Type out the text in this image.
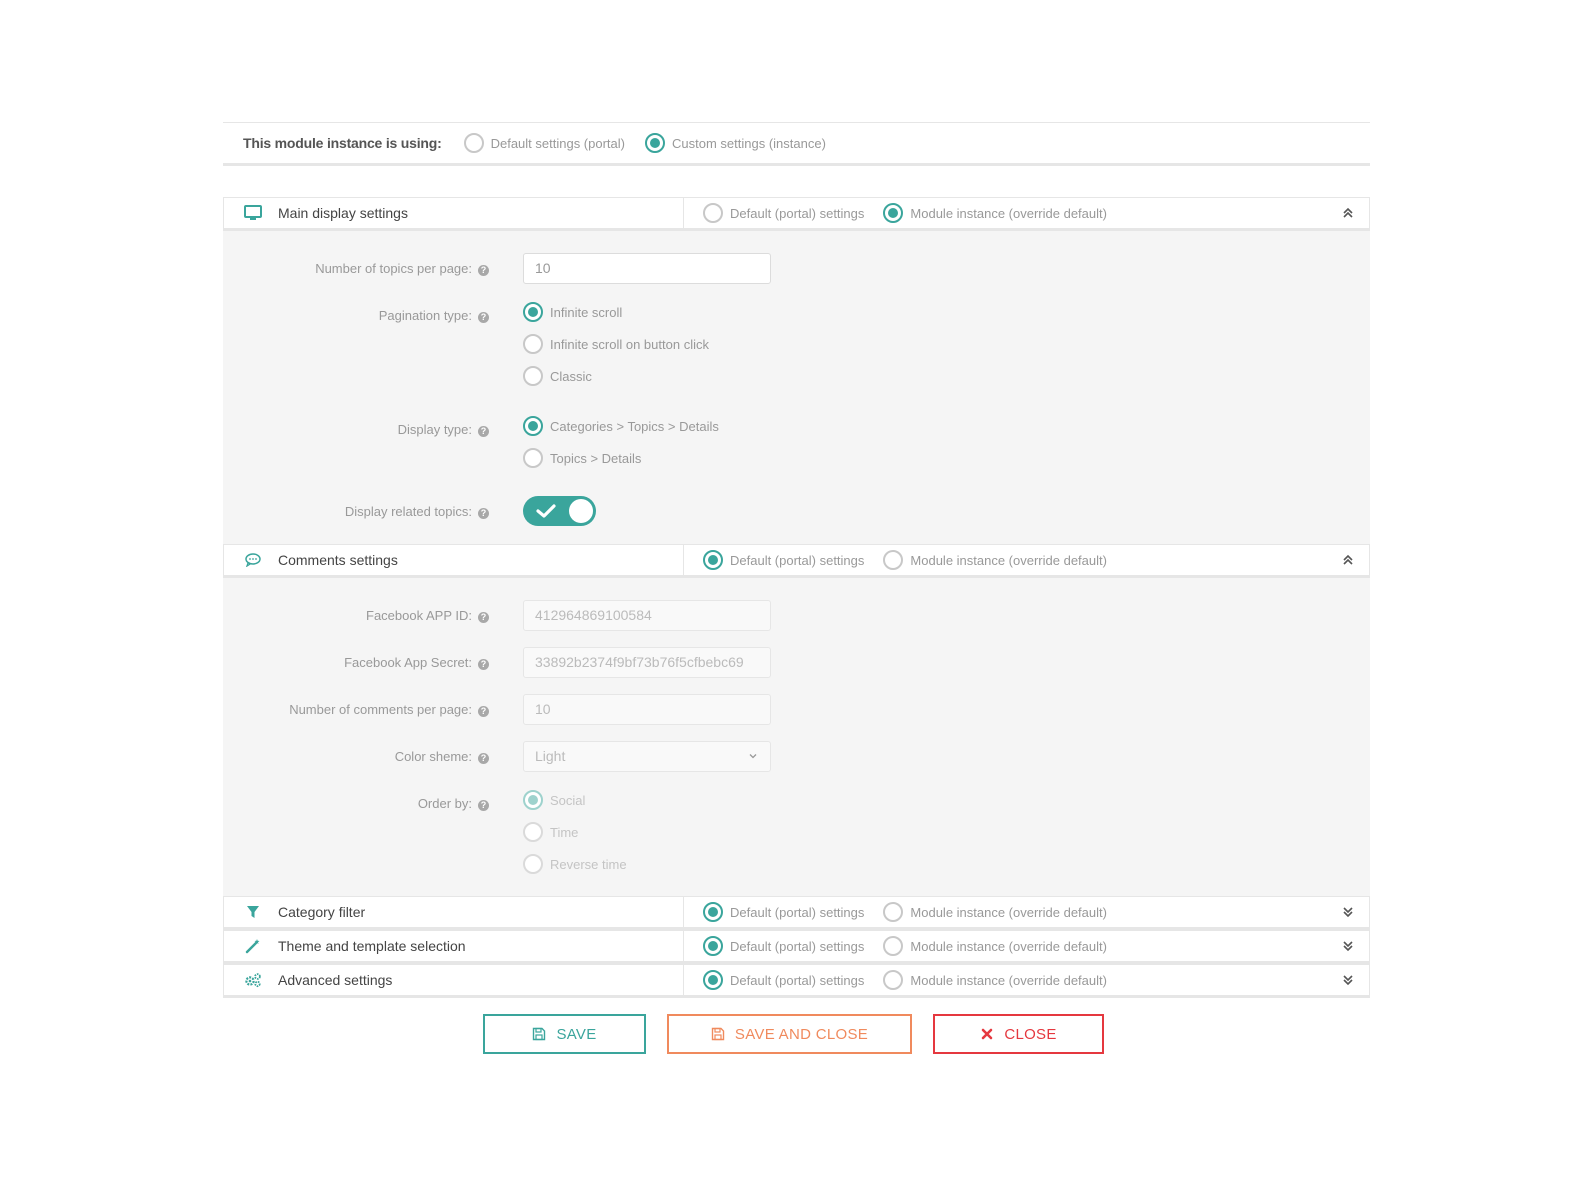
This module instance is using:	Default settings (portal)	Custom settings (instance)
Main display settings	Default (portal) settings	Module instance (override default)
Number of topics per page: ?	10
Pagination type: ?	Infinite scroll
Infinite scroll on button click
Classic
Display type: ?	Categories > Topics > Details
Topics > Details
Display related topics: ?
Comments settings	Default (portal) settings	Module instance (override default)
Facebook APP ID: ?	412964869100584
Facebook App Secret: ?	33892b2374f9bf73b76f5cfbebc69
Number of comments per page: ?	10
Color sheme: ?	Light
Order by: ?	Social
Time
Reverse time
Category filter	Default (portal) settings	Module instance (override default)
Theme and template selection	Default (portal) settings	Module instance (override default)
Advanced settings	Default (portal) settings	Module instance (override default)
SAVE	SAVE AND CLOSE	CLOSE
